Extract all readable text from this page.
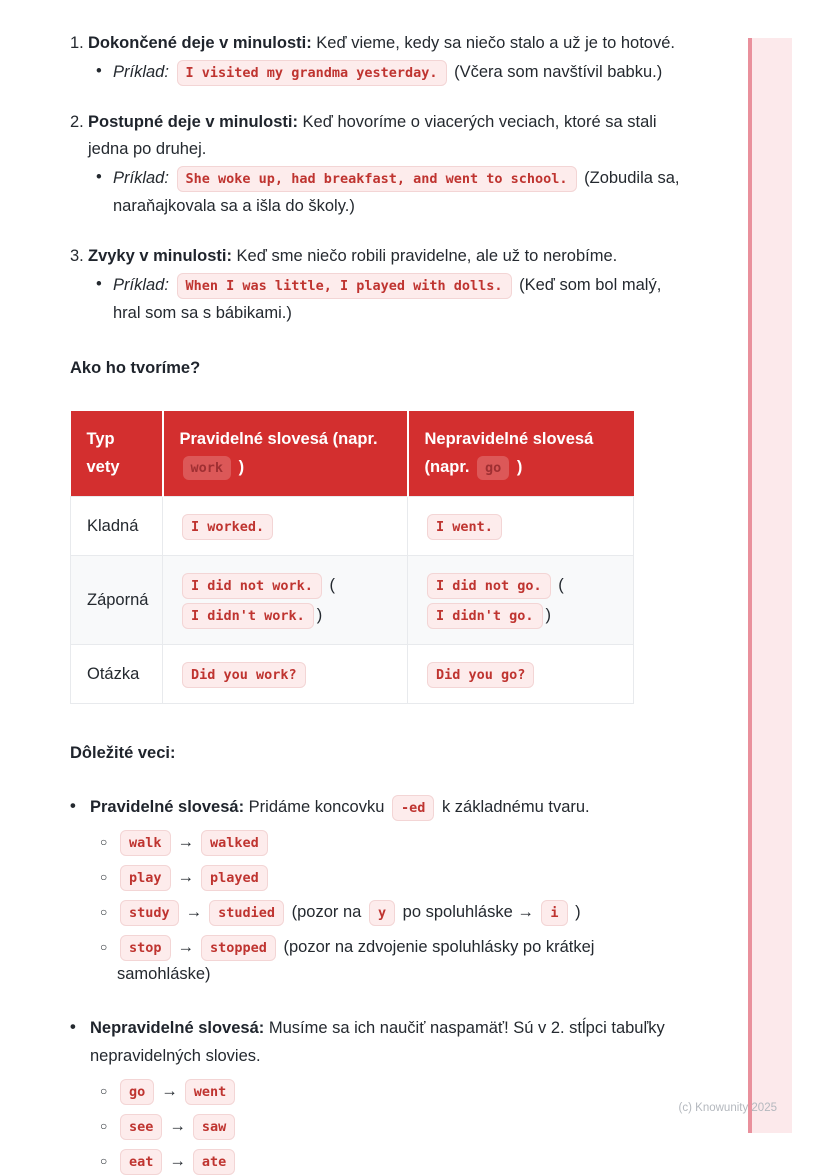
(c) Knowunity 2025
1. Dokončené deje v minulosti: Keď vieme, kedy sa niečo stalo a už je to hotové.
•
Príklad: I visited my grandma yesterday. (Včera som navštívil babku.)
2. Postupné deje v minulosti: Keď hovoríme o viacerých veciach, ktoré sa stali jedna po druhej.
•
Príklad: She woke up, had breakfast, and went to school. (Zobudila sa, naraňajkovala sa a išla do školy.)
3. Zvyky v minulosti: Keď sme niečo robili pravidelne, ale už to nerobíme.
•
Príklad: When I was little, I played with dolls. (Keď som bol malý, hral som sa s bábikami.)
Ako ho tvoríme?
Typ vety	Pravidelné slovesá (napr. work )	Nepravidelné slovesá (napr. go )
Kladná	I worked.	I went.
Záporná	I did not work. (I didn't work. )	I did not go. (I didn't go. )
Otázka	Did you work?	Did you go?
Dôležité veci:
•
Pravidelné slovesá: Pridáme koncovku -ed k základnému tvaru.
○
walk → walked
○
play → played
○
study → studied (pozor na y po spoluhláske → i )
○
stop → stopped (pozor na zdvojenie spoluhlásky po krátkej samohláske)
•
Nepravidelné slovesá: Musíme sa ich naučiť naspamäť! Sú v 2. stĺpci tabuľky nepravidelných slovies.
○
go → went
○
see → saw
○
eat → ate
